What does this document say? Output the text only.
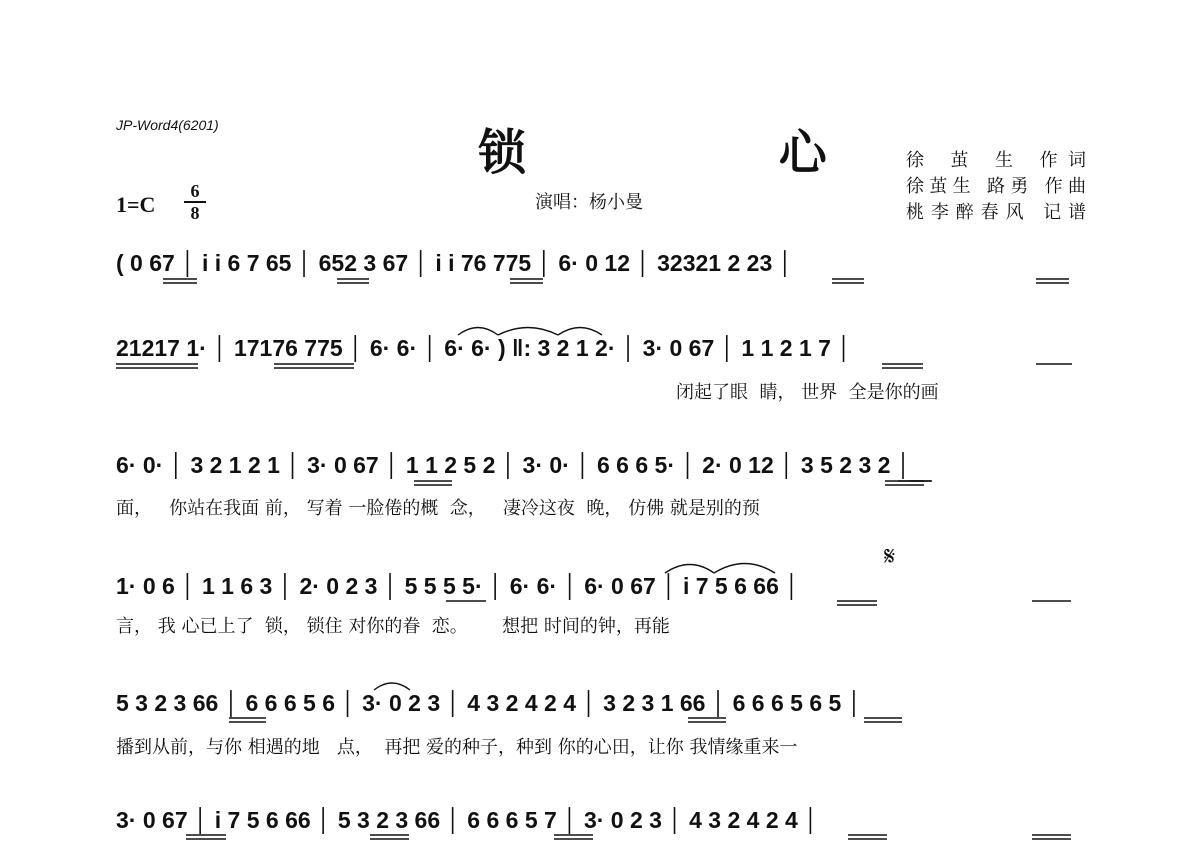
JP-Word4(6201)	锁 心
$1=C \frac{6}{8}$	演唱：杨小曼
徐 茧 生 作词
徐茧生 路勇 作曲
桃李醉春风 记谱
𝄋
( 0 67 │ i i 6 7 65 │ 652 3 67 │ i i 76 775 │ 6· 0 12 │ 32321 2 23 │
21217 1· │ 17176 775 │ 6· 6· │ 6· 6· ) ‖: 3 2 1 2· │ 3· 0 67 │ 1 1 2 1 7 │
闭起了眼  睛， 世界  全是你的画
6· 0· │ 3 2 1 2 1 │ 3· 0 67 │ 1 1 2 5 2 │ 3· 0· │ 6 6 6 5· │ 2· 0 12 │ 3 5 2 3 2 │
面，   你站在我面 前， 写着 一脸倦的概  念，   凄冷这夜  晚， 仿佛 就是别的预
1· 0 6 │ 1 1 6 3 │ 2· 0 2 3 │ 5 5 5 5· │ 6· 6· │ 6· 0 67 │ i 7 5 6 66 │
言， 我 心已上了  锁， 锁住 对你的眷  恋。      想把 时间的钟，再能
5 3 2 3 66 │ 6 6 6 5 6 │ 3· 0 2 3 │ 4 3 2 4 2 4 │ 3 2 3 1 66 │ 6 6 6 5 6 5 │
播到从前，与你 相遇的地   点，  再把 爱的种子，种到 你的心田，让你 我情缘重来一
3· 0 67 │ i 7 5 6 66 │ 5 3 2 3 66 │ 6 6 6 5 7 │ 3· 0 2 3 │ 4 3 2 4 2 4 │
